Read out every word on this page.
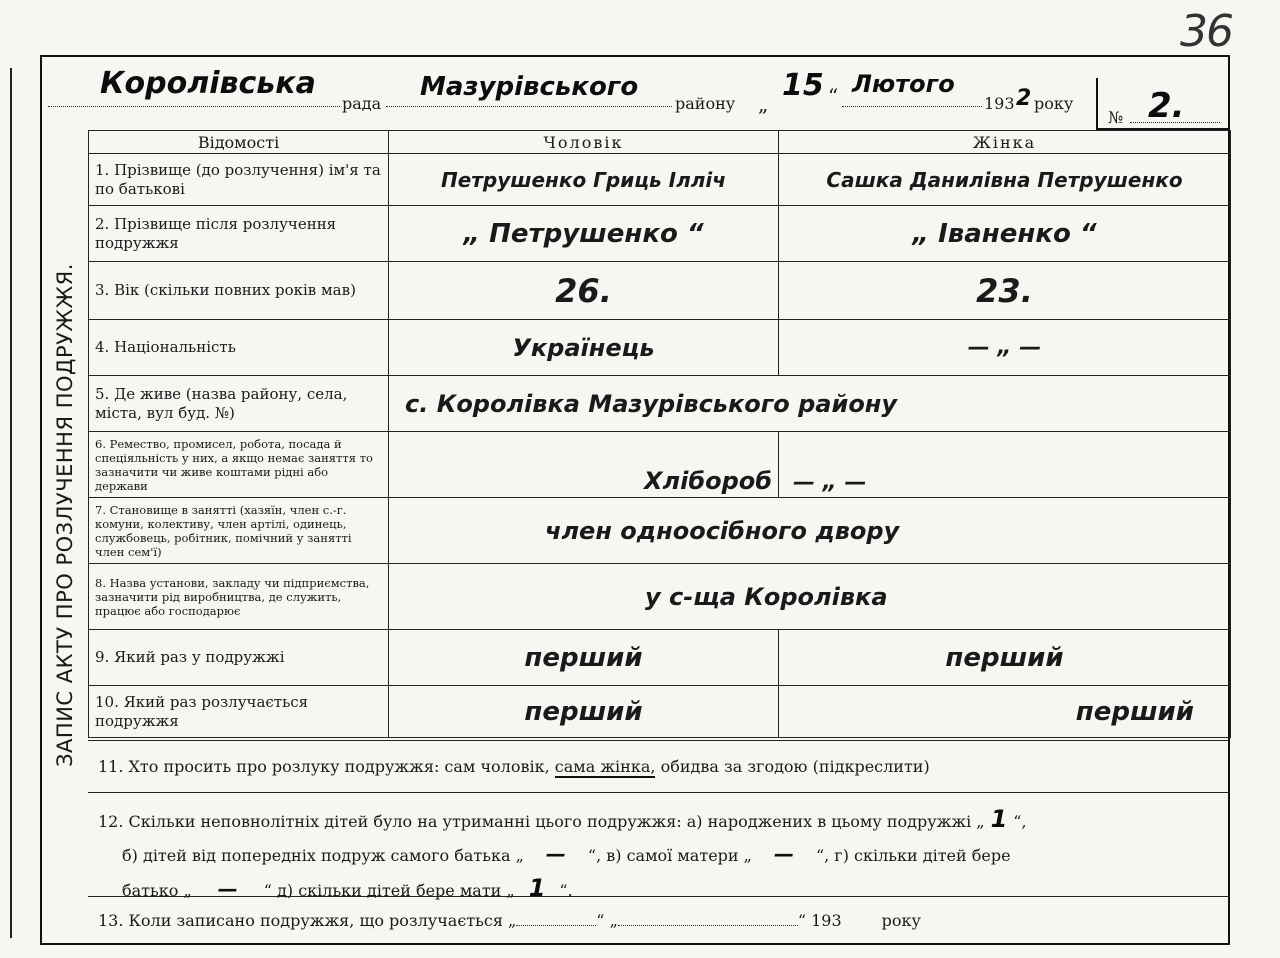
36
ЗАПИС АКТУ ПРО РОЗЛУЧЕННЯ ПОДРУЖЖЯ.
Королівська
рада
Мазурівського
району „
15 “ Лютого
193 2 року
№ 2.
Відомості	Чоловік	Жінка
1. Прізвище (до розлучення) ім'я та по батькові	Петрушенко Гриць Ілліч	Сашка Данилівна Петрушенко

2. Прізвище після розлучення подружжя	„ Петрушенко “	„ Іваненко “

3. Вік (скільки повних років мав)	26.	23.

4. Національність	Українець	— „ —

5. Де живе (назва району, села, міста, вул буд. №)	с. Королівка Мазурівського району	

6. Ремество, промисел, робота, посада й спеціяльність у них, а якщо немає заняття то зазначити чи живе коштами рідні або держави	Хлібороб	— „ —

7. Становище в занятті (хазяїн, член с.-г. комуни, колективу, член артілі, одинець, службовець, робітник, помічний у занятті член сем'ї)	член одноосібного двору	

8. Назва установи, закладу чи підприємства, зазначити рід виробництва, де служить, працює або господарює	у с-ща Королівка	

9. Який раз у подружжі	перший	перший

10. Який раз розлучається подружжя	перший	перший
11. Хто просить про розлуку подружжя: сам чоловік, сама жінка, обидва за згодою (підкреслити)
12. Скільки неповнолітніх дітей було на утриманні цього подружжя: а) народжених в цьому подружжі „ 1 “,
б) дітей від попередніх подруж самого батька „ — “, в) самої матери „ — “, г) скільки дітей бере
батько „ — “ д) скільки дітей бере мати „ 1 “.
13. Коли записано подружжя, що розлучається „	“ „	“ 193	року
